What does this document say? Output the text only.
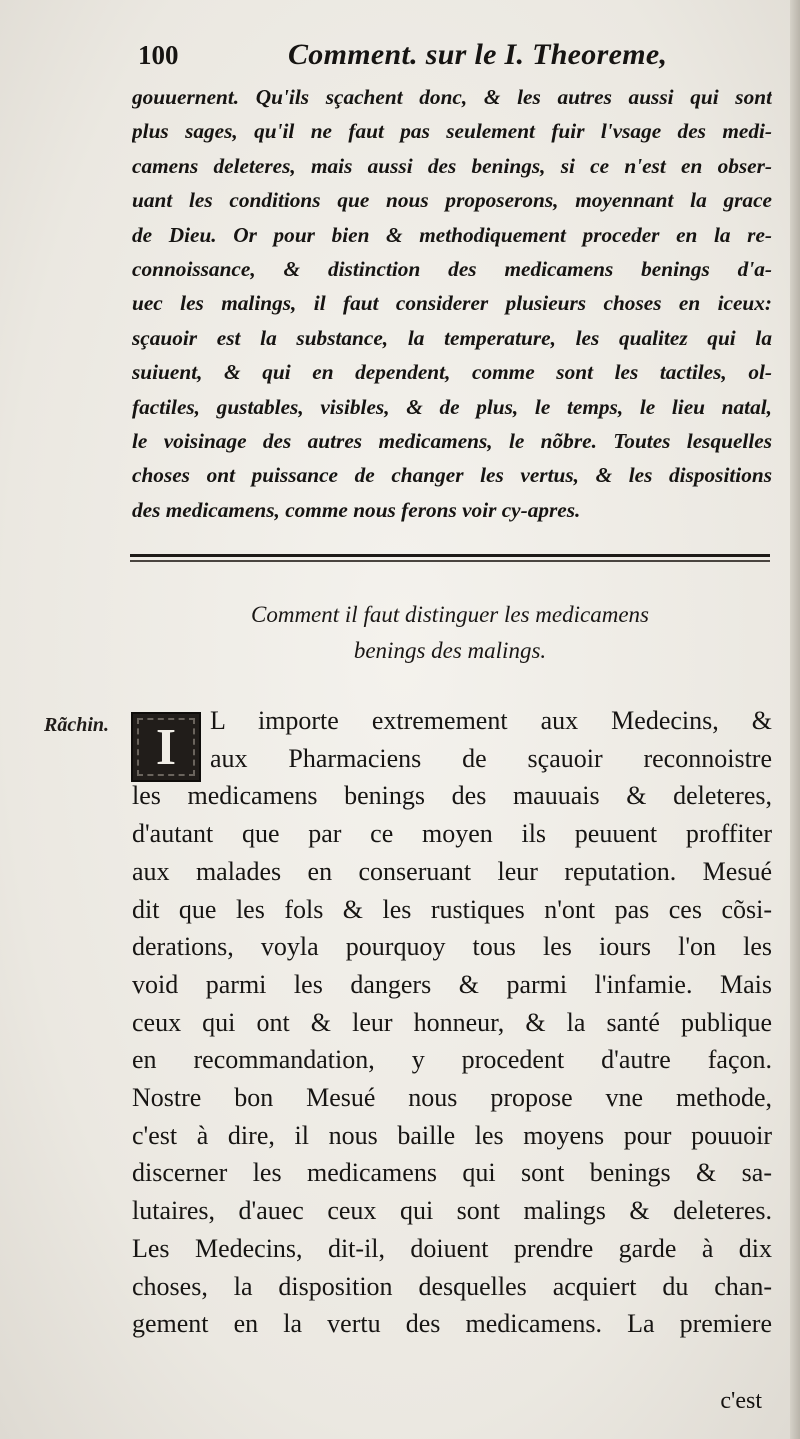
100	Comment. sur le I. Theoreme,
gouuernent. Qu'ils sçachent donc, & les autres aussi qui sont
plus sages, qu'il ne faut pas seulement fuir l'vsage des medi-
camens deleteres, mais aussi des benings, si ce n'est en obser-
uant les conditions que nous proposerons, moyennant la grace
de Dieu. Or pour bien & methodiquement proceder en la re-
connoissance, & distinction des medicamens benings d'a-
uec les malings, il faut considerer plusieurs choses en iceux:
sçauoir est la substance, la temperature, les qualitez qui la
suiuent, & qui en dependent, comme sont les tactiles, ol-
factiles, gustables, visibles, & de plus, le temps, le lieu natal,
le voisinage des autres medicamens, le nõbre. Toutes lesquelles
choses ont puissance de changer les vertus, & les dispositions
des medicamens, comme nous ferons voir cy-apres.
Comment il faut distinguer les medicamens
benings des malings.
Rãchin. I	L importe extremement aux Medecins, &
aux Pharmaciens de sçauoir reconnoistre
les medicamens benings des mauuais & deleteres,
d'autant que par ce moyen ils peuuent proffiter
aux malades en conseruant leur reputation. Mesué
dit que les fols & les rustiques n'ont pas ces cõsi-
derations, voyla pourquoy tous les iours l'on les
void parmi les dangers & parmi l'infamie. Mais
ceux qui ont & leur honneur, & la santé publique
en recommandation, y procedent d'autre façon.
Nostre bon Mesué nous propose vne methode,
c'est à dire, il nous baille les moyens pour pouuoir
discerner les medicamens qui sont benings & sa-
lutaires, d'auec ceux qui sont malings & deleteres.
Les Medecins, dit-il, doiuent prendre garde à dix
choses, la disposition desquelles acquiert du chan-
gement en la vertu des medicamens. La premiere
c'est
